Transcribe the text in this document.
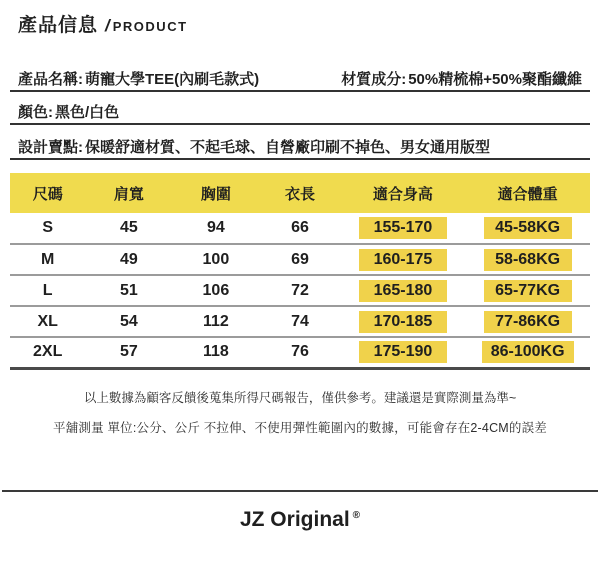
產品信息 / PRODUCT
產品名稱: 萌寵大學TEE(內刷毛款式)	材質成分: 50%精梳棉+50%聚酯纖維
顏色: 黑色/白色
設計賣點: 保暖舒適材質、不起毛球、自營廠印刷不掉色、男女通用版型
尺碼	肩寬	胸圍	衣長	適合身高	適合體重
S	45	94	66	155-170	45-58KG
M	49	100	69	160-175	58-68KG
L	51	106	72	165-180	65-77KG
XL	54	112	74	170-185	77-86KG
2XL	57	118	76	175-190	86-100KG
以上數據為顧客反饋後蒐集所得尺碼報告，僅供參考。建議還是實際測量為準~
平舖測量 單位:公分、公斤 不拉伸、不使用彈性範圍內的數據，可能會存在2-4CM的誤差
JZ Original ®
